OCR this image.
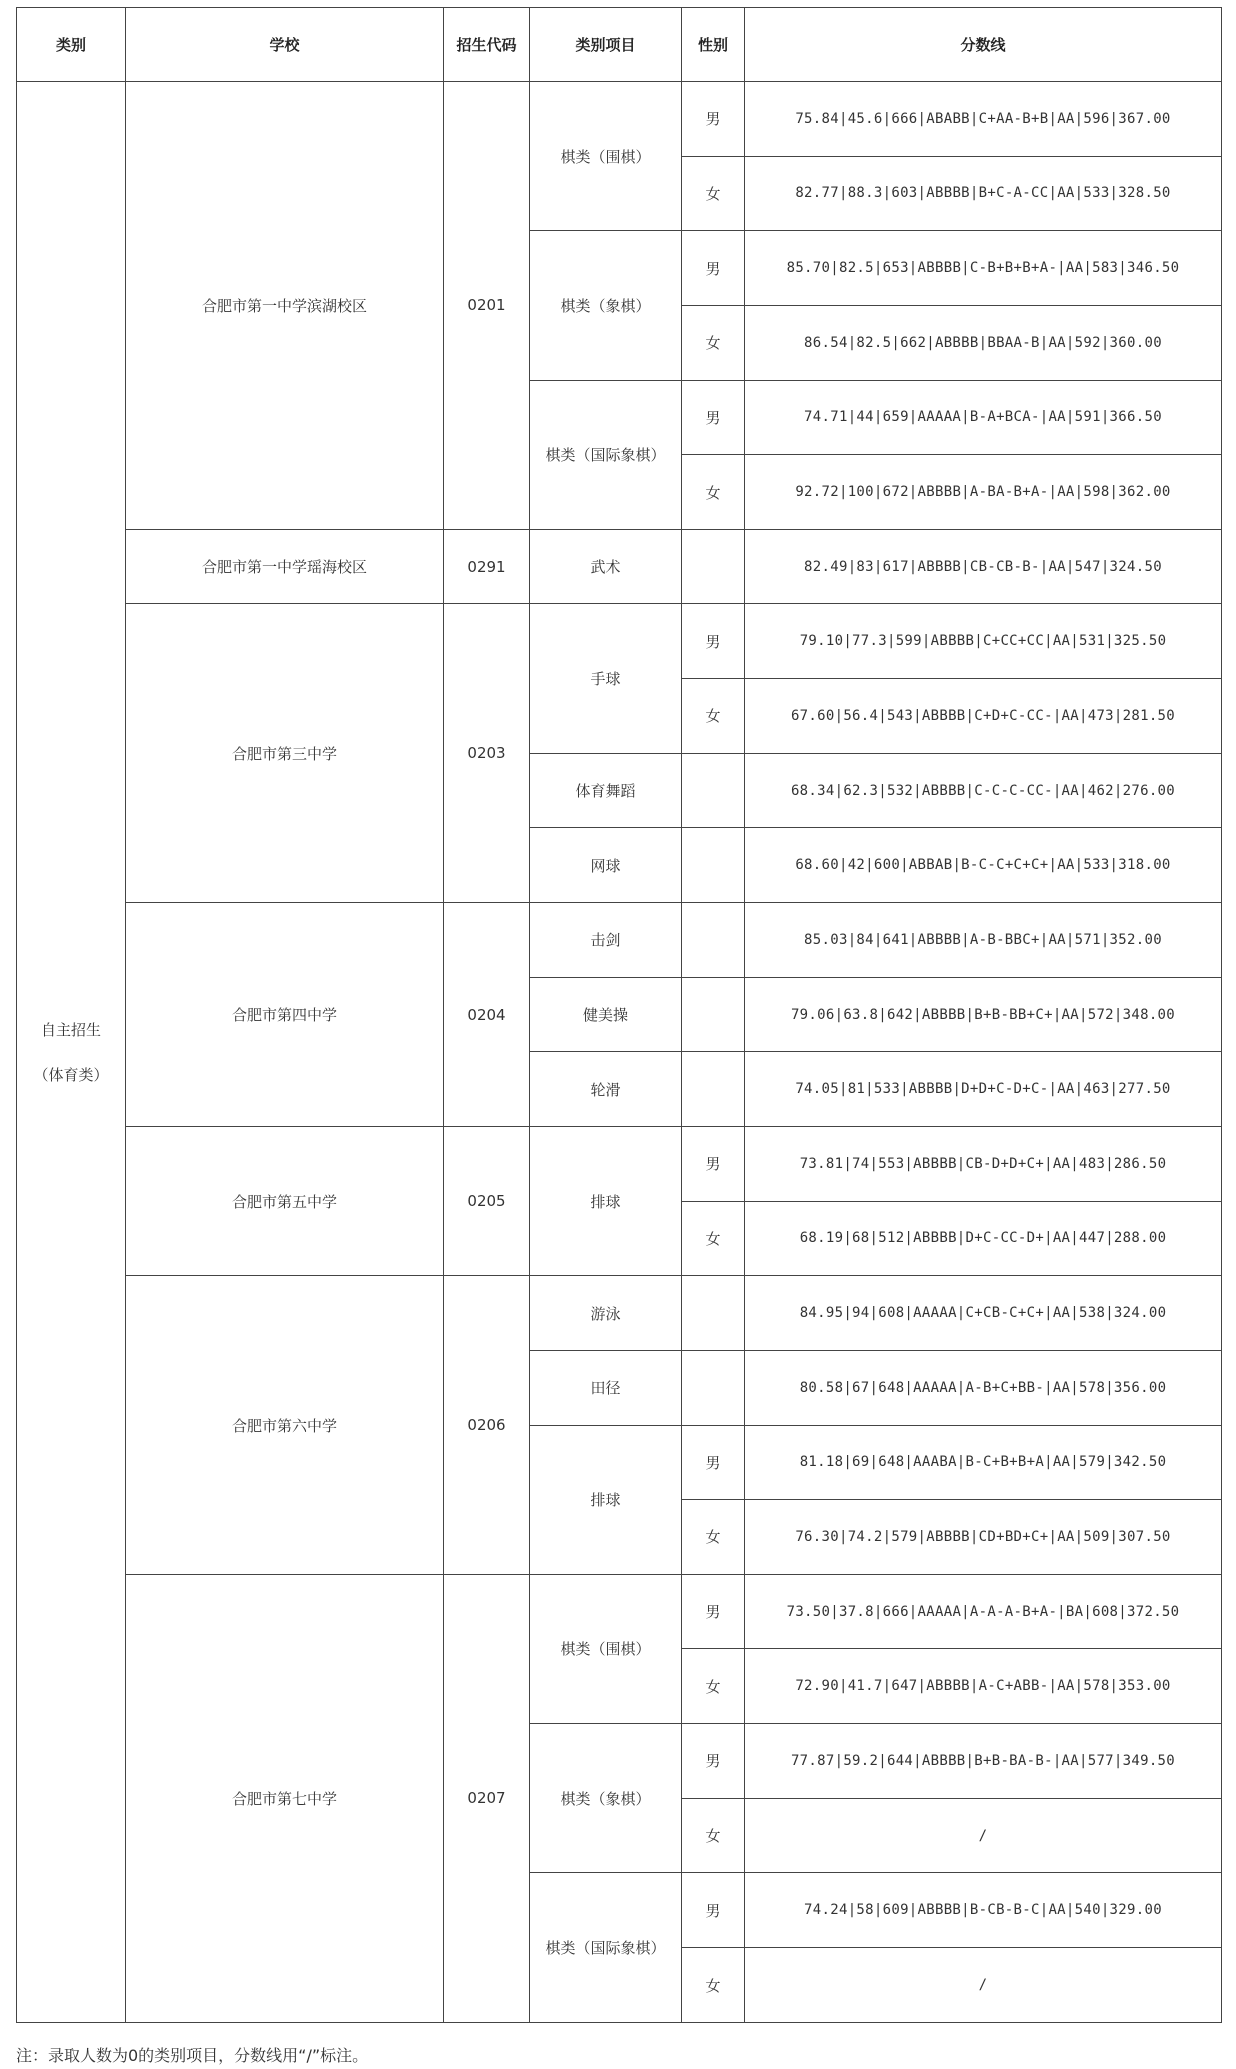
类别	学校	招生代码	类别项目	性别	分数线
自主招生
（体育类）	合肥市第一中学滨湖校区	0201	棋类（围棋）	男	75.84|45.6|666|ABABB|C+AA-B+B|AA|596|367.00
				女	82.77|88.3|603|ABBBB|B+C-A-CC|AA|533|328.50
			棋类（象棋）	男	85.70|82.5|653|ABBBB|C-B+B+B+A-|AA|583|346.50
				女	86.54|82.5|662|ABBBB|BBAA-B|AA|592|360.00
			棋类（国际象棋）	男	74.71|44|659|AAAAA|B-A+BCA-|AA|591|366.50
				女	92.72|100|672|ABBBB|A-BA-B+A-|AA|598|362.00
	合肥市第一中学瑶海校区	0291	武术		82.49|83|617|ABBBB|CB-CB-B-|AA|547|324.50
	合肥市第三中学	0203	手球	男	79.10|77.3|599|ABBBB|C+CC+CC|AA|531|325.50
				女	67.60|56.4|543|ABBBB|C+D+C-CC-|AA|473|281.50
			体育舞蹈		68.34|62.3|532|ABBBB|C-C-C-CC-|AA|462|276.00
			网球		68.60|42|600|ABBAB|B-C-C+C+C+|AA|533|318.00
	合肥市第四中学	0204	击剑		85.03|84|641|ABBBB|A-B-BBC+|AA|571|352.00
			健美操		79.06|63.8|642|ABBBB|B+B-BB+C+|AA|572|348.00
			轮滑		74.05|81|533|ABBBB|D+D+C-D+C-|AA|463|277.50
	合肥市第五中学	0205	排球	男	73.81|74|553|ABBBB|CB-D+D+C+|AA|483|286.50
				女	68.19|68|512|ABBBB|D+C-CC-D+|AA|447|288.00
	合肥市第六中学	0206	游泳		84.95|94|608|AAAAA|C+CB-C+C+|AA|538|324.00
			田径		80.58|67|648|AAAAA|A-B+C+BB-|AA|578|356.00
			排球	男	81.18|69|648|AAABA|B-C+B+B+A|AA|579|342.50
				女	76.30|74.2|579|ABBBB|CD+BD+C+|AA|509|307.50
	合肥市第七中学	0207	棋类（围棋）	男	73.50|37.8|666|AAAAA|A-A-A-B+A-|BA|608|372.50
				女	72.90|41.7|647|ABBBB|A-C+ABB-|AA|578|353.00
			棋类（象棋）	男	77.87|59.2|644|ABBBB|B+B-BA-B-|AA|577|349.50
				女	/
			棋类（国际象棋）	男	74.24|58|609|ABBBB|B-CB-B-C|AA|540|329.00
				女	/
注：录取人数为0的类别项目，分数线用“/”标注。
